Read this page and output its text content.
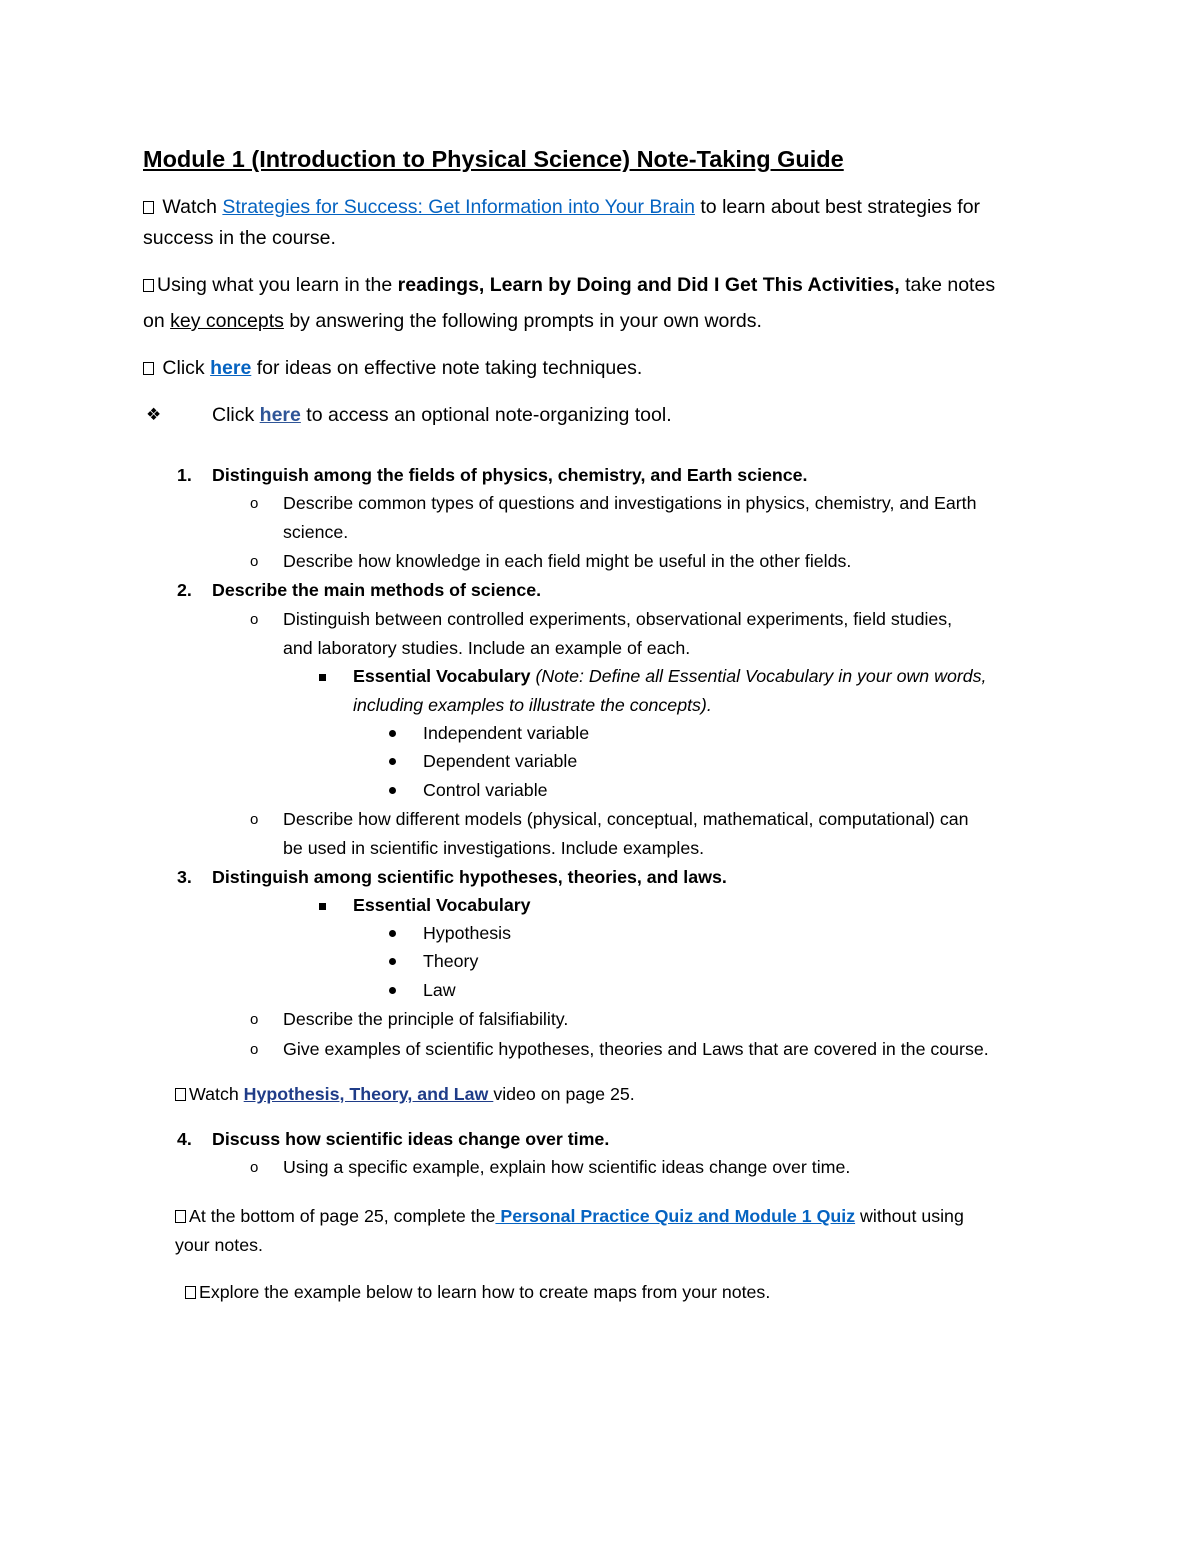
Module 1 (Introduction to Physical Science) Note-Taking Guide
Watch Strategies for Success: Get Information into Your Brain to learn about best strategies for
success in the course.
Using what you learn in the readings, Learn by Doing and Did I Get This Activities, take notes
on key concepts by answering the following prompts in your own words.
Click here for ideas on effective note taking techniques.
❖	Click here to access an optional note-organizing tool.
1. Distinguish among the fields of physics, chemistry, and Earth science.
o Describe common types of questions and investigations in physics, chemistry, and Earth
science.
o Describe how knowledge in each field might be useful in the other fields.
2. Describe the main methods of science.
o Distinguish between controlled experiments, observational experiments, field studies,
and laboratory studies. Include an example of each.
Essential Vocabulary (Note: Define all Essential Vocabulary in your own words,
including examples to illustrate the concepts).
Independent variable
Dependent variable
Control variable
o Describe how different models (physical, conceptual, mathematical, computational) can
be used in scientific investigations. Include examples.
3. Distinguish among scientific hypotheses, theories, and laws.
Essential Vocabulary
Hypothesis
Theory
Law
o Describe the principle of falsifiability.
o Give examples of scientific hypotheses, theories and Laws that are covered in the course.
Watch Hypothesis, Theory, and Law video on page 25.
4. Discuss how scientific ideas change over time.
o Using a specific example, explain how scientific ideas change over time.
At the bottom of page 25, complete the Personal Practice Quiz and Module 1 Quiz without using
your notes.
Explore the example below to learn how to create maps from your notes.
